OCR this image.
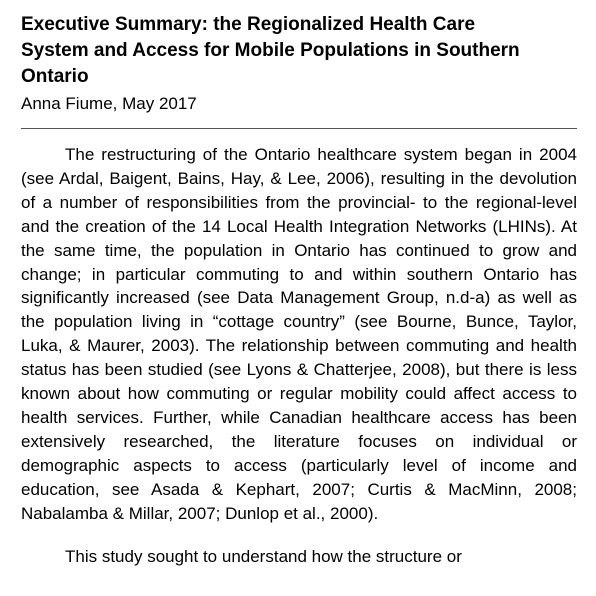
Executive Summary: the Regionalized Health Care
System and Access for Mobile Populations in Southern
Ontario
Anna Fiume, May 2017

The restructuring of the Ontario healthcare system began in 2004 (see Ardal, Baigent, Bains, Hay, & Lee, 2006), resulting in the devolution of a number of responsibilities from the provincial- to the regional-level and the creation of the 14 Local Health Integration Networks (LHINs). At the same time, the population in Ontario has continued to grow and change; in particular commuting to and within southern Ontario has significantly increased (see Data Management Group, n.d-a) as well as the population living in “cottage country” (see Bourne, Bunce, Taylor, Luka, & Maurer, 2003). The relationship between commuting and health status has been studied (see Lyons & Chatterjee, 2008), but there is less known about how commuting or regular mobility could affect access to health services. Further, while Canadian healthcare access has been extensively researched, the literature focuses on individual or demographic aspects to access (particularly level of income and education, see Asada & Kephart, 2007; Curtis & MacMinn, 2008; Nabalamba & Millar, 2007; Dunlop et al., 2000).

This study sought to understand how the structure or
